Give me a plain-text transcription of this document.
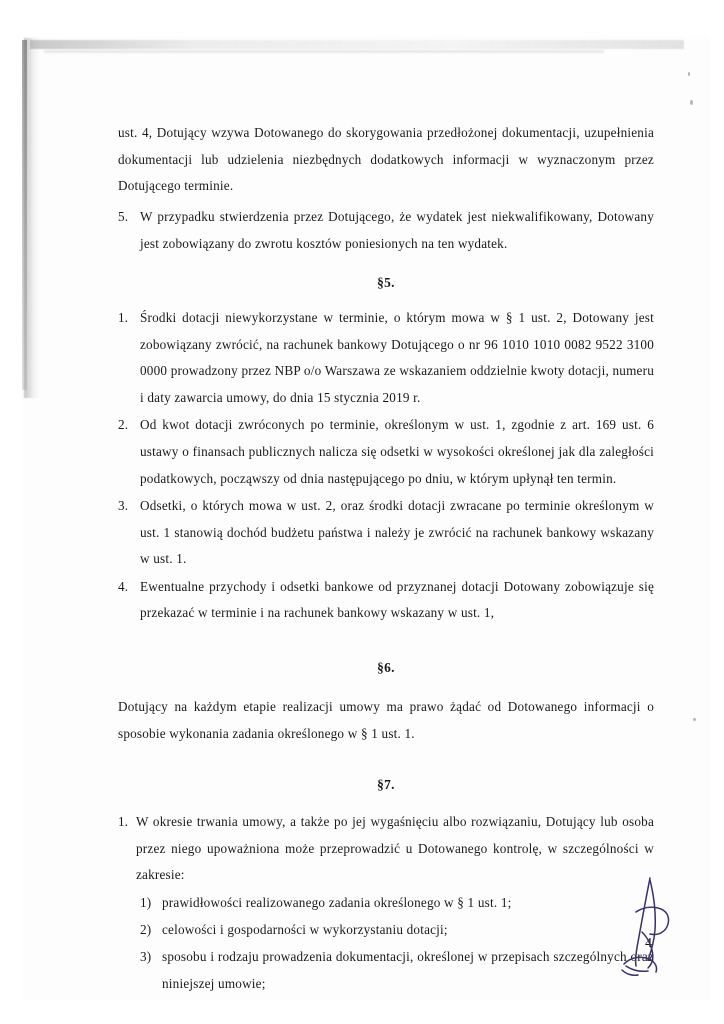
ust. 4, Dotujący wzywa Dotowanego do skorygowania przedłożonej dokumentacji, uzupełnienia dokumentacji lub udzielenia niezbędnych dodatkowych informacji w wyznaczonym przez Dotującego terminie.

5. W przypadku stwierdzenia przez Dotującego, że wydatek jest niekwalifikowany, Dotowany jest zobowiązany do zwrotu kosztów poniesionych na ten wydatek.

§5.

1. Środki dotacji niewykorzystane w terminie, o którym mowa w § 1 ust. 2, Dotowany jest zobowiązany zwrócić, na rachunek bankowy Dotującego o nr 96 1010 1010 0082 9522 3100 0000 prowadzony przez NBP o/o Warszawa ze wskazaniem oddzielnie kwoty dotacji, numeru i daty zawarcia umowy, do dnia 15 stycznia 2019 r.

2. Od kwot dotacji zwróconych po terminie, określonym w ust. 1, zgodnie z art. 169 ust. 6 ustawy o finansach publicznych nalicza się odsetki w wysokości określonej jak dla zaległości podatkowych, począwszy od dnia następującego po dniu, w którym upłynął ten termin.

3. Odsetki, o których mowa w ust. 2, oraz środki dotacji zwracane po terminie określonym w ust. 1 stanowią dochód budżetu państwa i należy je zwrócić na rachunek bankowy wskazany w ust. 1.

4. Ewentualne przychody i odsetki bankowe od przyznanej dotacji Dotowany zobowiązuje się przekazać w terminie i na rachunek bankowy wskazany w ust. 1,

§6.

Dotujący na każdym etapie realizacji umowy ma prawo żądać od Dotowanego informacji o sposobie wykonania zadania określonego w § 1 ust. 1.

§7.

1. W okresie trwania umowy, a także po jej wygaśnięciu albo rozwiązaniu, Dotujący lub osoba przez niego upoważniona może przeprowadzić u Dotowanego kontrolę, w szczególności w zakresie:

1) prawidłowości realizowanego zadania określonego w § 1 ust. 1;

2) celowości i gospodarności w wykorzystaniu dotacji;

3) sposobu i rodzaju prowadzenia dokumentacji, określonej w przepisach szczególnych oraz niniejszej umowie;

4
